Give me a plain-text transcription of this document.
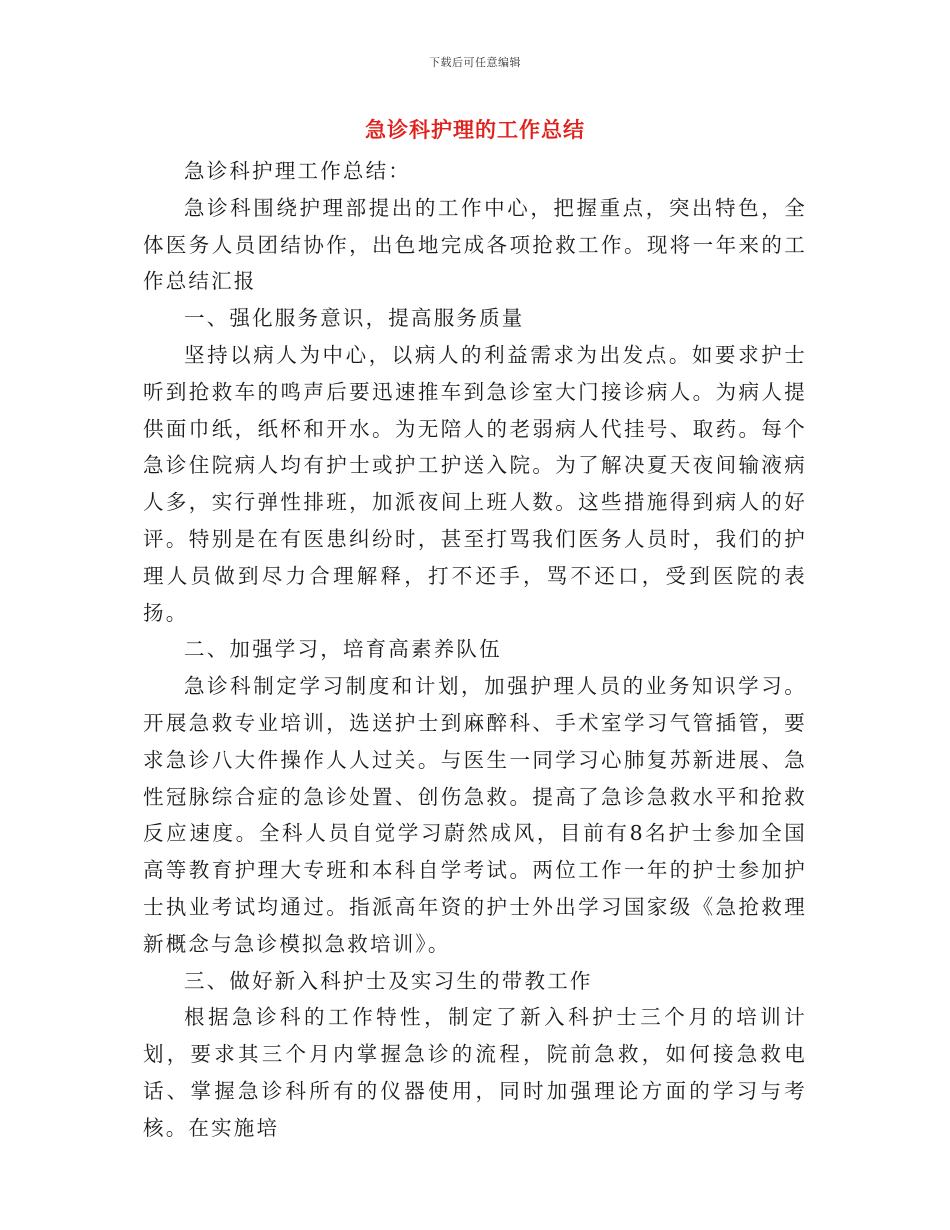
下载后可任意编辑
急诊科护理的工作总结

急诊科护理工作总结：

急诊科围绕护理部提出的工作中心，把握重点，突出特色，全体医务人员团结协作，出色地完成各项抢救工作。现将一年来的工作总结汇报

一、强化服务意识，提高服务质量

坚持以病人为中心，以病人的利益需求为出发点。如要求护士听到抢救车的鸣声后要迅速推车到急诊室大门接诊病人。为病人提供面巾纸，纸杯和开水。为无陪人的老弱病人代挂号、取药。每个急诊住院病人均有护士或护工护送入院。为了解决夏天夜间输液病人多，实行弹性排班，加派夜间上班人数。这些措施得到病人的好评。特别是在有医患纠纷时，甚至打骂我们医务人员时，我们的护理人员做到尽力合理解释，打不还手，骂不还口，受到医院的表扬。

二、加强学习，培育高素养队伍

急诊科制定学习制度和计划，加强护理人员的业务知识学习。开展急救专业培训，选送护士到麻醉科、手术室学习气管插管，要求急诊八大件操作人人过关。与医生一同学习心肺复苏新进展、急性冠脉综合症的急诊处置、创伤急救。提高了急诊急救水平和抢救反应速度。全科人员自觉学习蔚然成风，目前有8名护士参加全国高等教育护理大专班和本科自学考试。两位工作一年的护士参加护士执业考试均通过。指派高年资的护士外出学习国家级《急抢救理新概念与急诊模拟急救培训》。

三、做好新入科护士及实习生的带教工作

根据急诊科的工作特性，制定了新入科护士三个月的培训计划，要求其三个月内掌握急诊的流程，院前急救，如何接急救电话、掌握急诊科所有的仪器使用，同时加强理论方面的学习与考核。在实施培
